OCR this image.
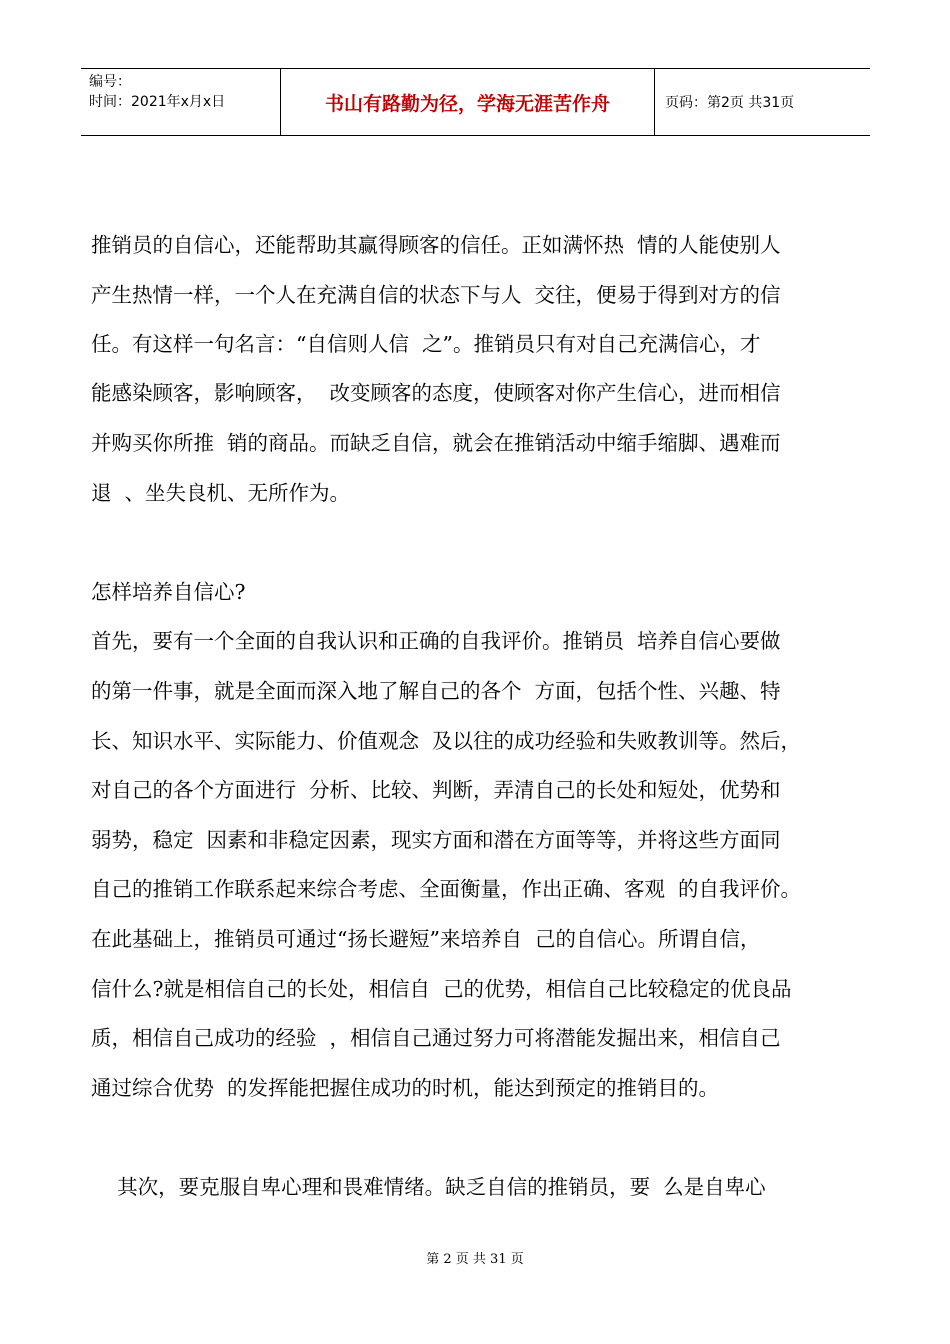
编号：
时间：2021年x月x日	书山有路勤为径，学海无涯苦作舟	页码：第2页 共31页
推销员的自信心，还能帮助其赢得顾客的信任。正如满怀热  情的人能使别人
产生热情一样，一个人在充满自信的状态下与人  交往，便易于得到对方的信
任。有这样一句名言：“自信则人信  之”。推销员只有对自己充满信心，才
能感染顾客，影响顾客，  改变顾客的态度，使顾客对你产生信心，进而相信
并购买你所推  销的商品。而缺乏自信，就会在推销活动中缩手缩脚、遇难而
退  、坐失良机、无所作为。
怎样培养自信心?
首先，要有一个全面的自我认识和正确的自我评价。推销员  培养自信心要做
的第一件事，就是全面而深入地了解自己的各个  方面，包括个性、兴趣、特
长、知识水平、实际能力、价值观念  及以往的成功经验和失败教训等。然后，
对自己的各个方面进行  分析、比较、判断，弄清自己的长处和短处，优势和
弱势，稳定  因素和非稳定因素，现实方面和潜在方面等等，并将这些方面同
自己的推销工作联系起来综合考虑、全面衡量，作出正确、客观  的自我评价。
在此基础上，推销员可通过“扬长避短”来培养自  己的自信心。所谓自信，
信什么?就是相信自己的长处，相信自  己的优势，相信自己比较稳定的优良品
质，相信自己成功的经验  ，相信自己通过努力可将潜能发掘出来，相信自己
通过综合优势  的发挥能把握住成功的时机，能达到预定的推销目的。
其次，要克服自卑心理和畏难情绪。缺乏自信的推销员，要  么是自卑心
第 2 页 共 31 页
